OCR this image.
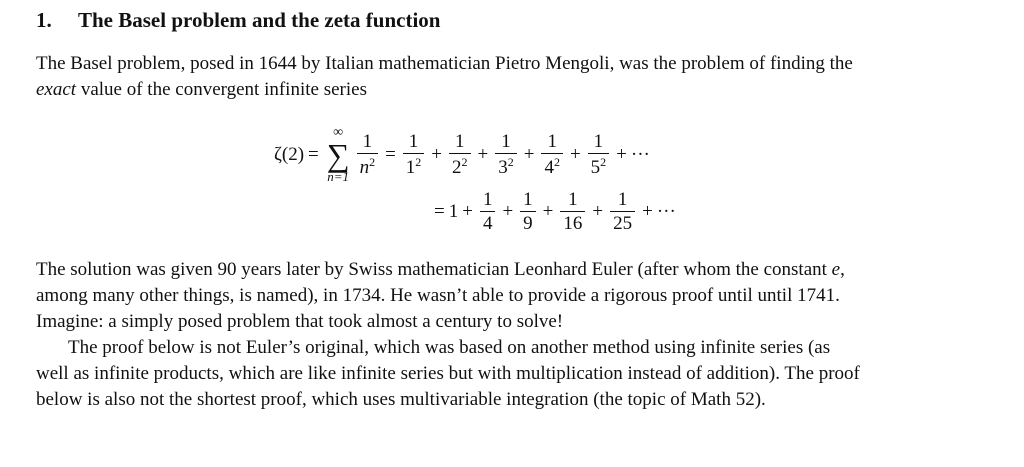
1. The Basel problem and the zeta function
The Basel problem, posed in 1644 by Italian mathematician Pietro Mengoli, was the problem of finding the
exact value of the convergent infinite series
ζ(2) =
∞
∑
$n=1 \frac{1}{n^2} = \frac{1}{1^2} + \frac{1}{2^2} + \frac{1}{3^2} + \frac{1}{4^2} + \frac{1}{5^2}$ + ···
= $1 + \frac{1}{4} + \frac{1}{9} + \frac{1}{16} + \frac{1}{25}$ + ···
The solution was given 90 years later by Swiss mathematician Leonhard Euler (after whom the constant e,
among many other things, is named), in 1734. He wasn’t able to provide a rigorous proof until until 1741.
Imagine: a simply posed problem that took almost a century to solve!
The proof below is not Euler’s original, which was based on another method using infinite series (as
well as infinite products, which are like infinite series but with multiplication instead of addition). The proof
below is also not the shortest proof, which uses multivariable integration (the topic of Math 52).
